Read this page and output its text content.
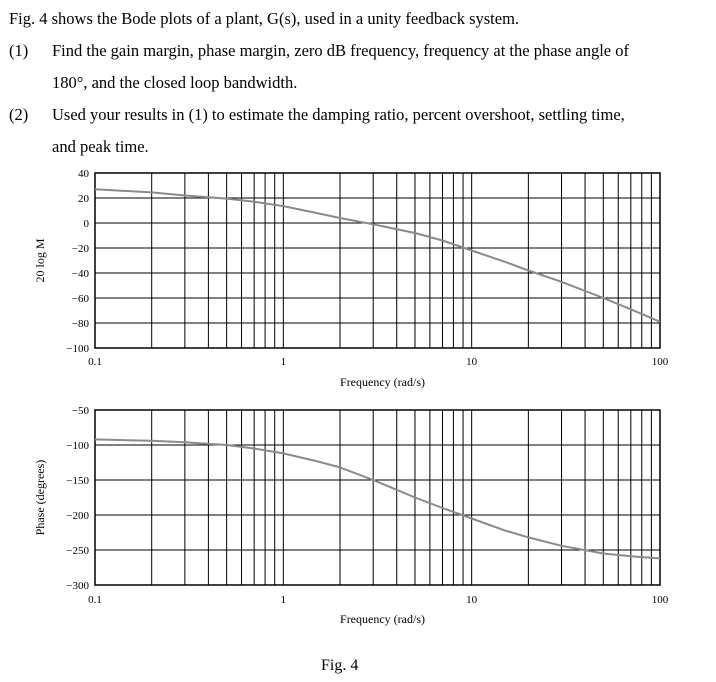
Fig. 4 shows the Bode plots of a plant, G(s), used in a unity feedback system.
(1) Find the gain margin, phase margin, zero dB frequency, frequency at the phase angle of
180°, and the closed loop bandwidth.
(2) Used your results in (1) to estimate the damping ratio, percent overshoot, settling time,
and peak time.
40
20
0
−20
−40
−60
−80
−100
0.1	1	10	100
Frequency (rad/s)
20 log M
−50
−100
−150
−200
−250
−300
0.1	1	10	100
Frequency (rad/s)
Phase (degrees)
Fig. 4
